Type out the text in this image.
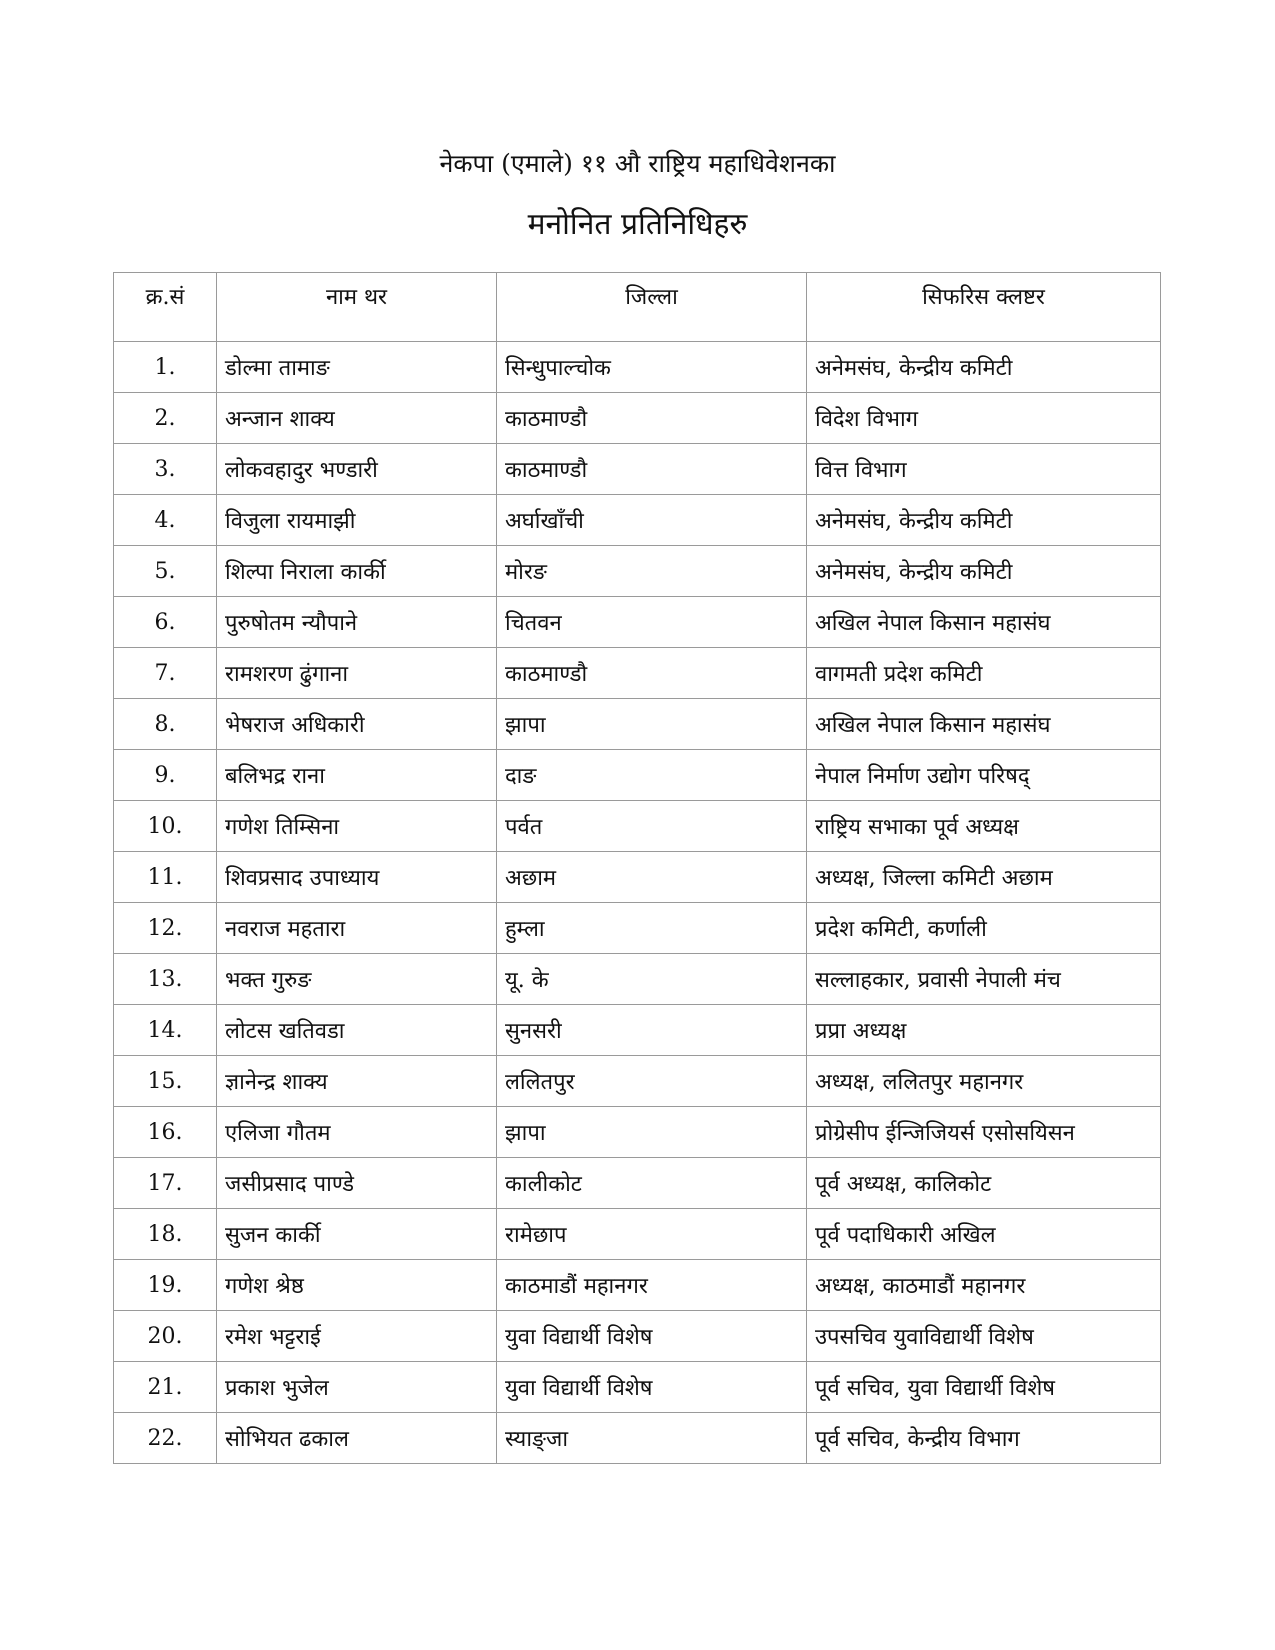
नेकपा (एमाले) ११ औ राष्ट्रिय महाधिवेशनका
मनोनित प्रतिनिधिहरु
क्र.सं	नाम थर	जिल्ला	सिफरिस क्लष्टर
1.	डोल्मा तामाङ	सिन्धुपाल्चोक	अनेमसंघ, केन्द्रीय कमिटी
2.	अन्जान शाक्य	काठमाण्डौ	विदेश विभाग
3.	लोकवहादुर भण्डारी	काठमाण्डौ	वित्त विभाग
4.	विजुला रायमाझी	अर्घाखाँची	अनेमसंघ, केन्द्रीय कमिटी
5.	शिल्पा निराला कार्की	मोरङ	अनेमसंघ, केन्द्रीय कमिटी
6.	पुरुषोतम न्यौपाने	चितवन	अखिल नेपाल किसान महासंघ
7.	रामशरण ढुंगाना	काठमाण्डौ	वागमती प्रदेश कमिटी
8.	भेषराज अधिकारी	झापा	अखिल नेपाल किसान महासंघ
9.	बलिभद्र राना	दाङ	नेपाल निर्माण उद्योग परिषद्
10.	गणेश तिम्सिना	पर्वत	राष्ट्रिय सभाका पूर्व अध्यक्ष
11.	शिवप्रसाद उपाध्याय	अछाम	अध्यक्ष, जिल्ला कमिटी अछाम
12.	नवराज महतारा	हुम्ला	प्रदेश कमिटी, कर्णाली
13.	भक्त गुरुङ	यू. के	सल्लाहकार, प्रवासी नेपाली मंच
14.	लोटस खतिवडा	सुनसरी	प्रप्रा अध्यक्ष
15.	ज्ञानेन्द्र शाक्य	ललितपुर	अध्यक्ष, ललितपुर महानगर
16.	एलिजा गौतम	झापा	प्रोग्रेसीप ईन्जिजियर्स एसोसयिसन
17.	जसीप्रसाद पाण्डे	कालीकोट	पूर्व अध्यक्ष, कालिकोट
18.	सुजन कार्की	रामेछाप	पूर्व पदाधिकारी अखिल
19.	गणेश श्रेष्ठ	काठमाडौं महानगर	अध्यक्ष, काठमाडौं महानगर
20.	रमेश भट्टराई	युवा विद्यार्थी विशेष	उपसचिव युवाविद्यार्थी विशेष
21.	प्रकाश भुजेल	युवा विद्यार्थी विशेष	पूर्व सचिव, युवा विद्यार्थी विशेष
22.	सोभियत ढकाल	स्याङ्जा	पूर्व सचिव, केन्द्रीय विभाग
